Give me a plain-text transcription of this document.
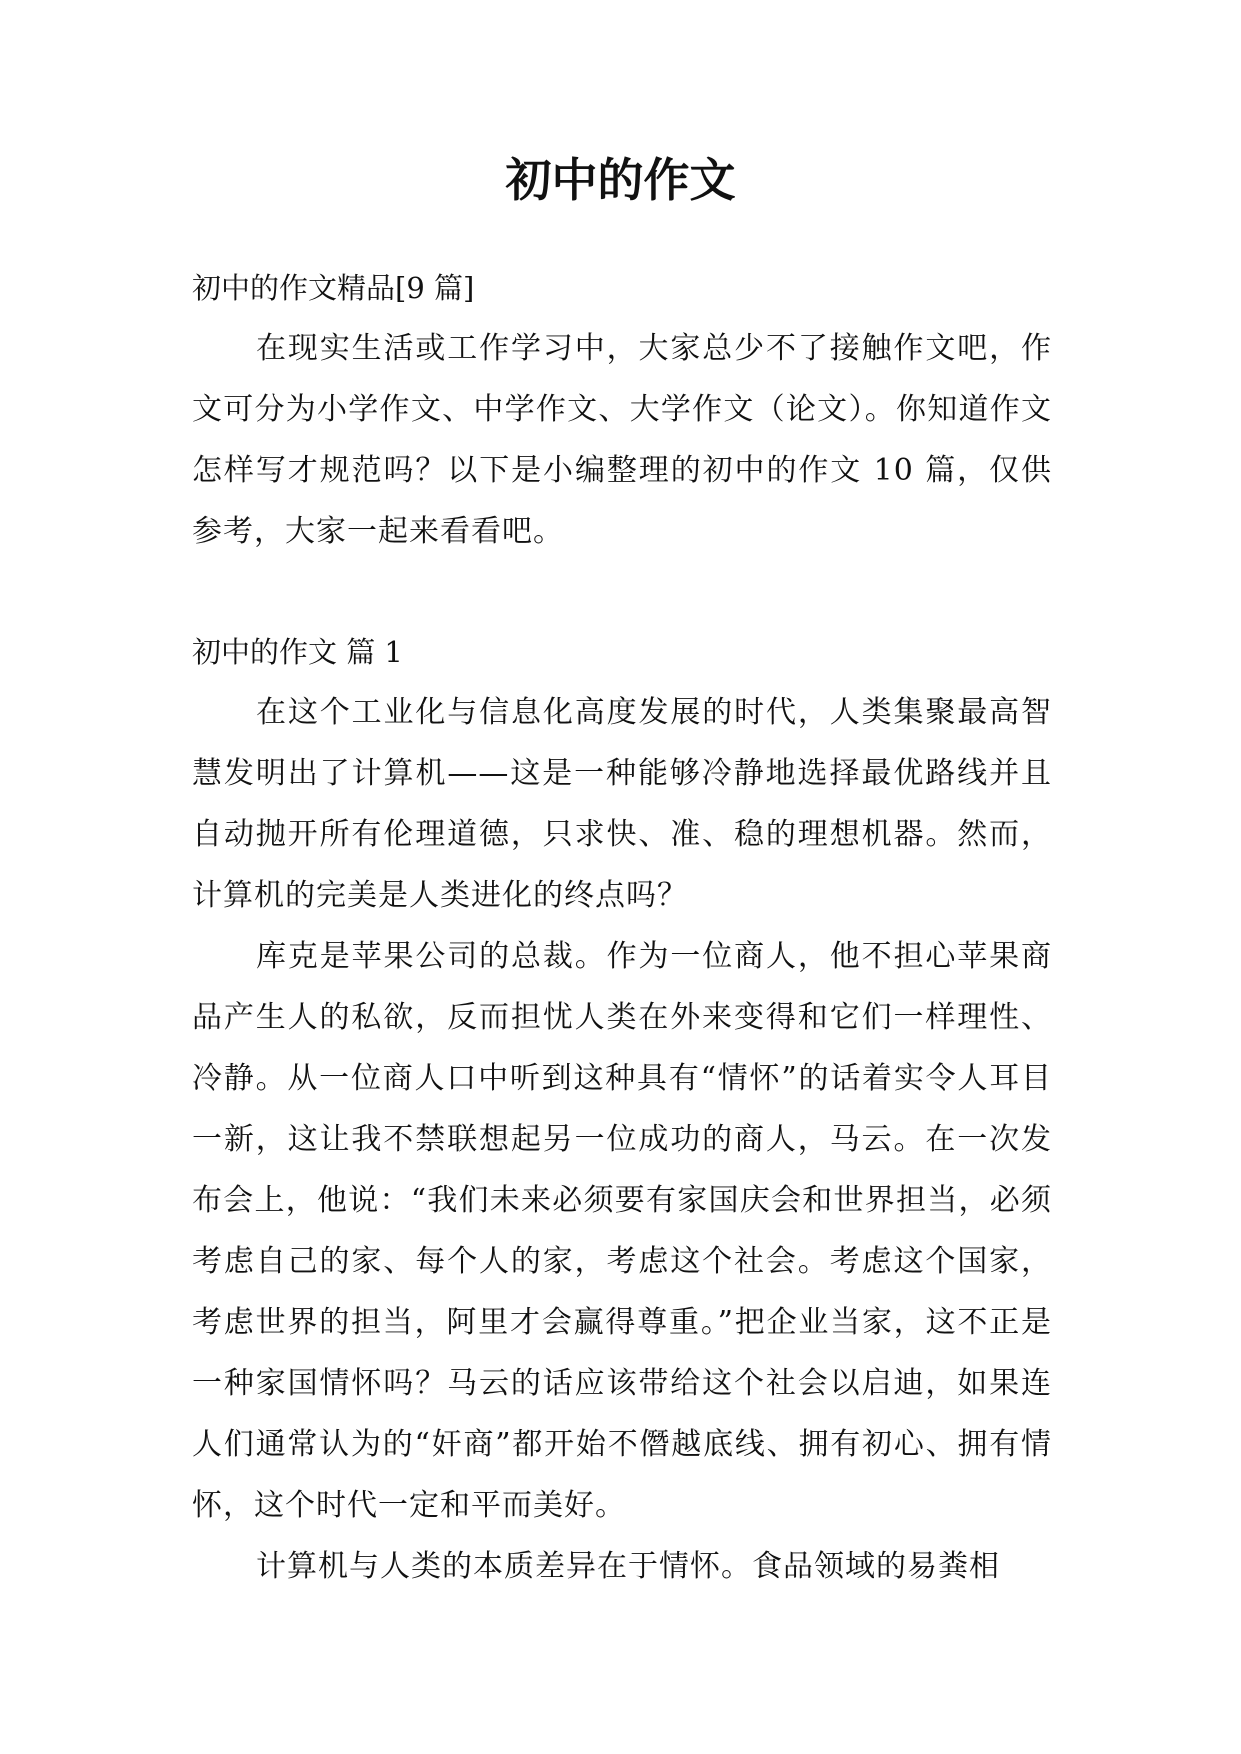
初中的作文

初中的作文精品[9 篇]

在现实生活或工作学习中，大家总少不了接触作文吧，作文可分为小学作文、中学作文、大学作文（论文）。你知道作文怎样写才规范吗？以下是小编整理的初中的作文 10 篇，仅供参考，大家一起来看看吧。

初中的作文 篇 1

在这个工业化与信息化高度发展的时代，人类集聚最高智慧发明出了计算机——这是一种能够冷静地选择最优路线并且自动抛开所有伦理道德，只求快、准、稳的理想机器。然而，计算机的完美是人类进化的终点吗？

库克是苹果公司的总裁。作为一位商人，他不担心苹果商品产生人的私欲，反而担忧人类在外来变得和它们一样理性、冷静。从一位商人口中听到这种具有“情怀”的话着实令人耳目一新，这让我不禁联想起另一位成功的商人，马云。在一次发布会上，他说：“我们未来必须要有家国庆会和世界担当，必须考虑自己的家、每个人的家，考虑这个社会。考虑这个国家，考虑世界的担当，阿里才会赢得尊重。”把企业当家，这不正是一种家国情怀吗？马云的话应该带给这个社会以启迪，如果连人们通常认为的“奸商”都开始不僭越底线、拥有初心、拥有情怀，这个时代一定和平而美好。

计算机与人类的本质差异在于情怀。食品领域的易粪相
